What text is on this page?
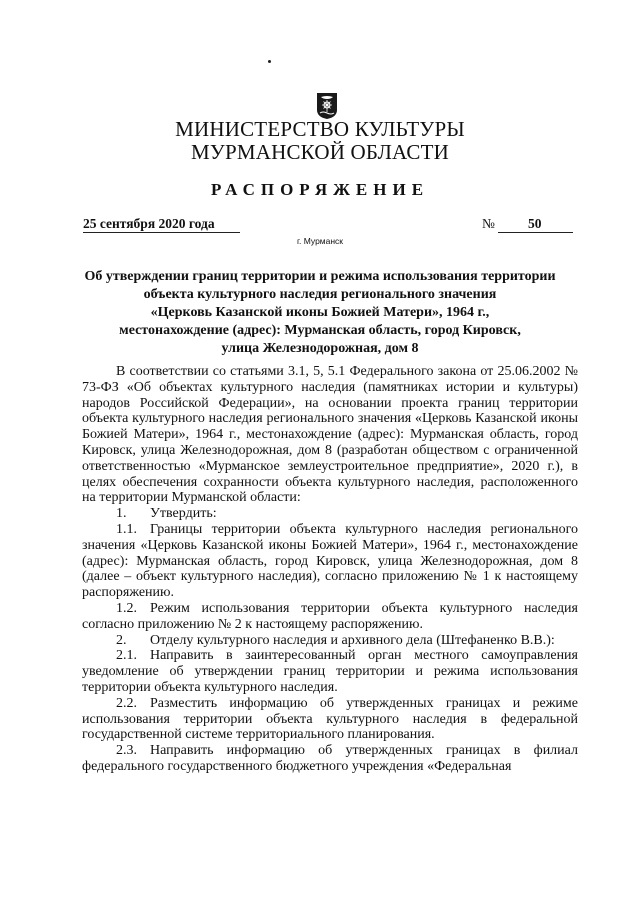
МИНИСТЕРСТВО КУЛЬТУРЫ
МУРМАНСКОЙ ОБЛАСТИ
РАСПОРЯЖЕНИЕ
25 сентября 2020 года	№ 50
г. Мурманск
Об утверждении границ территории и режима использования территории
объекта культурного наследия регионального значения
«Церковь Казанской иконы Божией Матери», 1964 г.,
местонахождение (адрес): Мурманская область, город Кировск,
улица Железнодорожная, дом 8

В соответствии со статьями 3.1, 5, 5.1 Федерального закона от 25.06.2002 № 73-ФЗ «Об объектах культурного наследия (памятниках истории и культуры) народов Российской Федерации», на основании проекта границ территории объекта культурного наследия регионального значения «Церковь Казанской иконы Божией Матери», 1964 г., местонахождение (адрес): Мурманская область, город Кировск, улица Железнодорожная, дом 8 (разработан обществом с ограниченной ответственностью «Мурманское землеустроительное предприятие», 2020 г.), в целях обеспечения сохранности объекта культурного наследия, расположенного на территории Мурманской области:

1. Утвердить:

1.1. Границы территории объекта культурного наследия регионального значения «Церковь Казанской иконы Божией Матери», 1964 г., местонахождение (адрес): Мурманская область, город Кировск, улица Железнодорожная, дом 8 (далее – объект культурного наследия), согласно приложению № 1 к настоящему распоряжению.

1.2. Режим использования территории объекта культурного наследия согласно приложению № 2 к настоящему распоряжению.

2. Отделу культурного наследия и архивного дела (Штефаненко В.В.):

2.1. Направить в заинтересованный орган местного самоуправления уведомление об утверждении границ территории и режима использования территории объекта культурного наследия.

2.2. Разместить информацию об утвержденных границах и режиме использования территории объекта культурного наследия в федеральной государственной системе территориального планирования.

2.3. Направить информацию об утвержденных границах в филиал федерального государственного бюджетного учреждения «Федеральная
